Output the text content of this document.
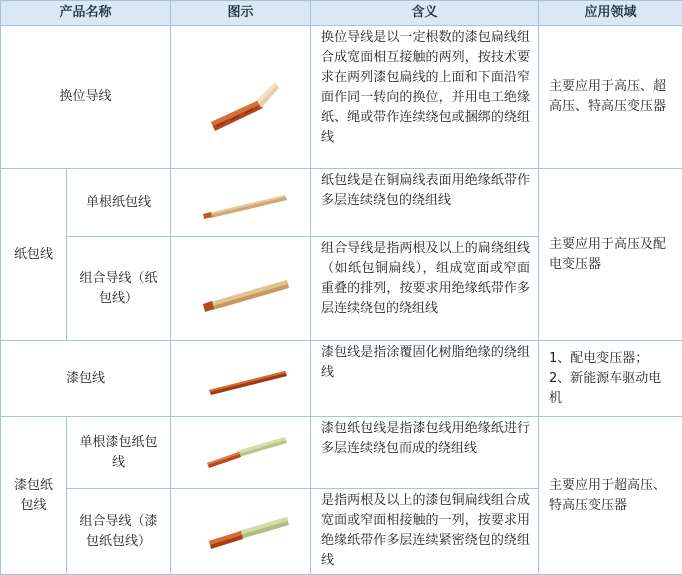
产品名称		图示	含义	应用领域
换位导线			换位导线是以一定根数的漆包扁线组合成宽面相互接触的两列，按技术要求在两列漆包扁线的上面和下面沿窄面作同一转向的换位，并用电工绝缘纸、绳或带作连续绕包或捆绑的绕组线	主要应用于高压、超高压、特高压变压器
纸包线	单根纸包线		纸包线是在铜扁线表面用绝缘纸带作多层连续绕包的绕组线	主要应用于高压及配电变压器
	组合导线（纸包线）		组合导线是指两根及以上的扁绕组线（如纸包铜扁线），组成宽面或窄面重叠的排列，按要求用绝缘纸带作多层连续绕包的绕组线	
漆包线			漆包线是指涂覆固化树脂绝缘的绕组线	1、配电变压器；
2、新能源车驱动电机
漆包纸包线	单根漆包纸包线		漆包纸包线是指漆包线用绝缘纸进行多层连续绕包而成的绕组线	主要应用于超高压、特高压变压器
	组合导线（漆包纸包线）		是指两根及以上的漆包铜扁线组合成宽面或窄面相接触的一列，按要求用绝缘纸带作多层连续紧密绕包的绕组线	
